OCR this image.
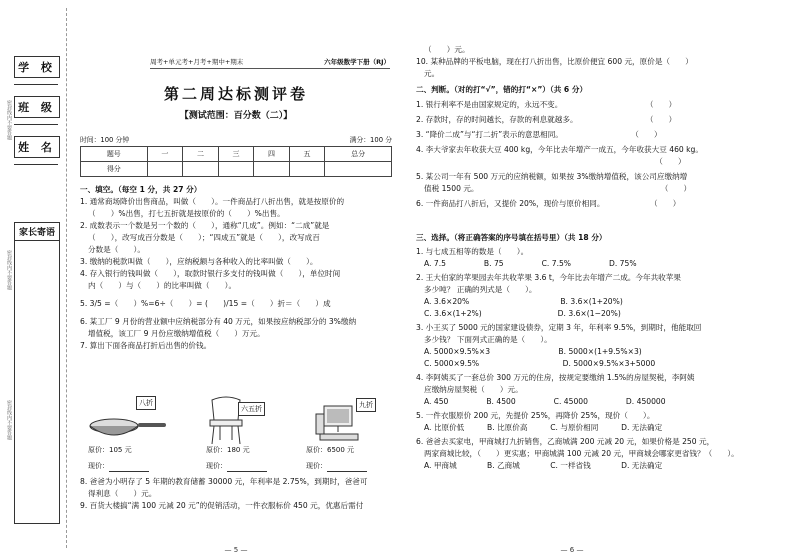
学 校
班 级
姓 名
密封线内不要答题
密封线内不要答题
密封线内不要答题
家长寄语
周考+单元考+月考+期中+期末	六年级数学下册（RJ）
第二周达标测评卷
【测试范围：百分数（二）】
时间：100 分钟	满分：100 分
题号	一	二	三	四	五	总分
得分						
一、填空。（每空 1 分，共 27 分）
1. 通常商场降价出售商品，叫做（　　）。一件商品打八折出售，就是按原价的
（　　）%出售，打七五折就是按原价的（　　）%出售。
2. 成数表示一个数是另一个数的（　　），通称“几成”。例如：“二成”就是
（　　），改写成百分数是（　　）；“四成五”就是（　　），改写成百
分数是（　　）。
3. 缴纳的税款叫做（　　），应纳税额与各种收入的比率叫做（　　）。
4. 存入银行的钱叫做（　　），取款时银行多支付的钱叫做（　　），单位时间
内（　　）与（　　）的比率叫做（　　）。
5. 3/5 =（　　）%=6÷（　　）= (　　)/15 =（　　）折＝（　　）成
6. 某工厂 9 月份的营业额中应纳税部分有 40 万元，如果按应纳税部分的 3%缴纳
增值税，该工厂 9 月份应缴纳增值税（　　）万元。
7. 算出下面各商品打折后出售的价钱。
八折
六五折	九折
原价：105 元	原价：180 元	原价：6500 元
现价：	现价：	现价：
8. 爸爸为小明存了 5 年期的教育储蓄 30000 元，年利率是 2.75%，到期时，爸爸可
得利息（　　）元。
9. 百货大楼搞“满 100 元减 20 元”的促销活动，一件衣服标价 450 元，优惠后需付
— 5 —
（　　）元。
10. 某种品牌的平板电脑，现在打八折出售，比原价便宜 600 元，原价是（　　）
元。
二、判断。（对的打“√”，错的打“×”）（共 6 分）
1. 银行利率不是由国家规定的，永远不变。　　　　　　　　　　　　（　　）
2. 存款时，存的时间越长，存款的利息就越多。　　　　　　　　　　（　　）
3. “降价二成”与“打二折”表示的意思相同。　　　　　　　　　　（　　）
4. 李大爷家去年收获大豆 400 kg，今年比去年增产一成五，今年收获大豆 460 kg。
　　　　　　　　　　　　　　　　　　　　　　　　　　　　　　　　（　　）
5. 某公司一年有 500 万元的应纳税额，如果按 3%缴纳增值税，该公司应缴纳增
值税 1500 元。　　　　　　　　　　　　　　　　　　　　　　　　　（　　）
6. 一件商品打八折后，又提价 20%，现价与原价相同。　　　　　　　（　　）
三、选择。（将正确答案的序号填在括号里）（共 18 分）
1. 与七成五相等的数是（　　）。
A. 7.5　　　　　B. 75　　　　　C. 7.5%　　　　　D. 75%
2. 王大伯家的苹果园去年共收苹果 3.6 t，今年比去年增产二成。今年共收苹果
多少吨？ 正确的列式是（　　）。
A. 3.6×20%　　　　　　　　　　　　B. 3.6×(1+20%)
C. 3.6×(1+2%)　　　　　　　　　　D. 3.6×(1−20%)
3. 小王买了 5000 元的国家建设债券，定期 3 年，年利率 9.5%，到期时，他能取回
多少钱？ 下面列式正确的是（　　）。
A. 5000×9.5%×3　　　　　　　　　B. 5000×(1+9.5%×3)
C. 5000×9.5%　　　　　　　　　　　D. 5000×9.5%×3+5000
4. 李阿姨买了一套总价 300 万元的住房，按规定要缴纳 1.5%的房屋契税，李阿姨
应缴纳房屋契税（　　）元。
A. 450　　　　　B. 4500　　　　　C. 45000　　　　　D. 450000
5. 一件衣服原价 200 元，先提价 25%，再降价 25%，现价（　　）。
A. 比原价低　　　B. 比原价高　　　C. 与原价相同　　　D. 无法确定
6. 爸爸去买家电，甲商城打九折销售，乙商城满 200 元减 20 元，如果价格是 250 元，
两家商城比较，（　　）更实惠；甲商城满 100 元减 20 元，甲商城会哪家更省钱？（　　）。
A. 甲商城　　　　B. 乙商城　　　　C. 一样省钱　　　　D. 无法确定
— 6 —
